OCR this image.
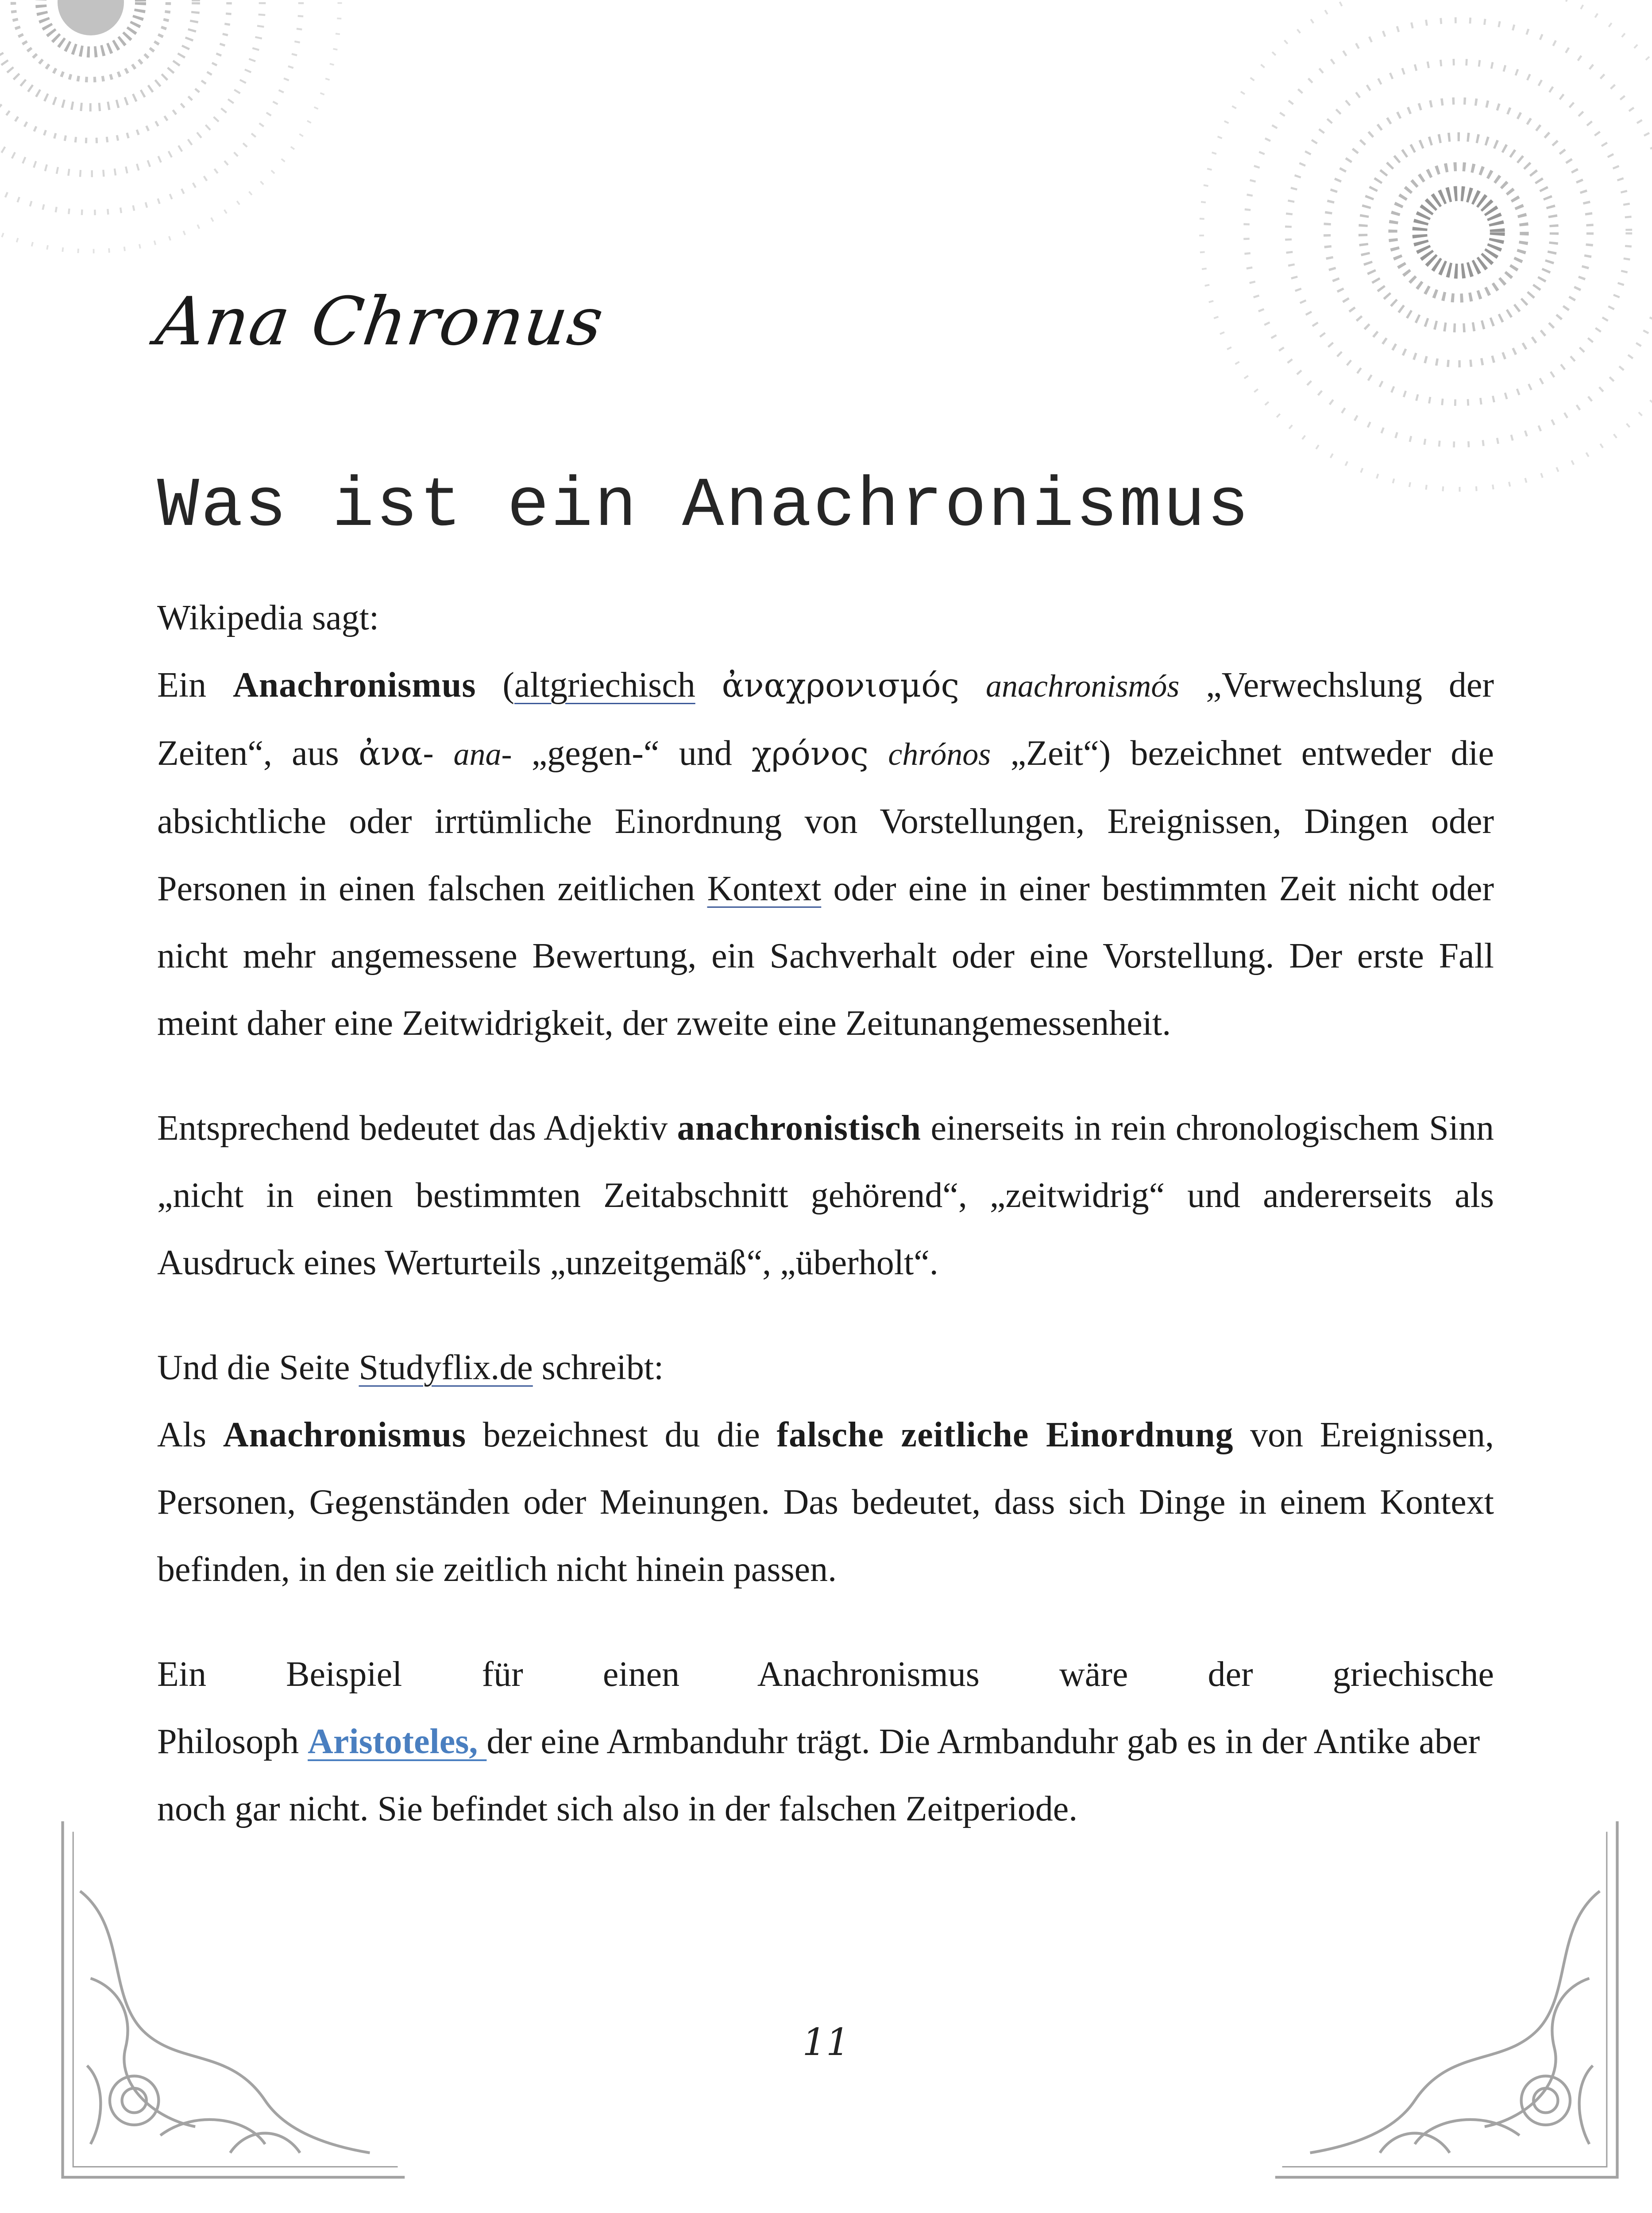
Ana Chronus
Was ist ein Anachronismus

Wikipedia sagt:

Ein Anachronismus (altgriechisch ἀναχρονισμός anachronismós „Verwechslung der Zeiten“, aus ἀνα- ana- „gegen-“ und χρόνος chrónos „Zeit“) bezeichnet entweder die absichtliche oder irrtümliche Einordnung von Vorstellungen, Ereignissen, Dingen oder Personen in einen falschen zeitlichen Kontext oder eine in einer bestimmten Zeit nicht oder nicht mehr angemessene Bewertung, ein Sachverhalt oder eine Vorstellung. Der erste Fall meint daher eine Zeitwidrigkeit, der zweite eine Zeitunangemessenheit.

Entsprechend bedeutet das Adjektiv anachronistisch einerseits in rein chronologischem Sinn „nicht in einen bestimmten Zeitabschnitt gehörend“, „zeitwidrig“ und andererseits als Ausdruck eines Werturteils „unzeitgemäß“, „überholt“.

Und die Seite Studyflix.de schreibt:

Als Anachronismus bezeichnest du die falsche zeitliche Einordnung von Ereignissen, Personen, Gegenständen oder Meinungen. Das bedeutet, dass sich Dinge in einem Kontext befinden, in den sie zeitlich nicht hinein passen.

Ein Beispiel für einen Anachronismus wäre der griechische
Philosoph Aristoteles, der eine Armbanduhr trägt. Die Armbanduhr gab es in der Antike aber noch gar nicht. Sie befindet sich also in der falschen Zeitperiode.

11
